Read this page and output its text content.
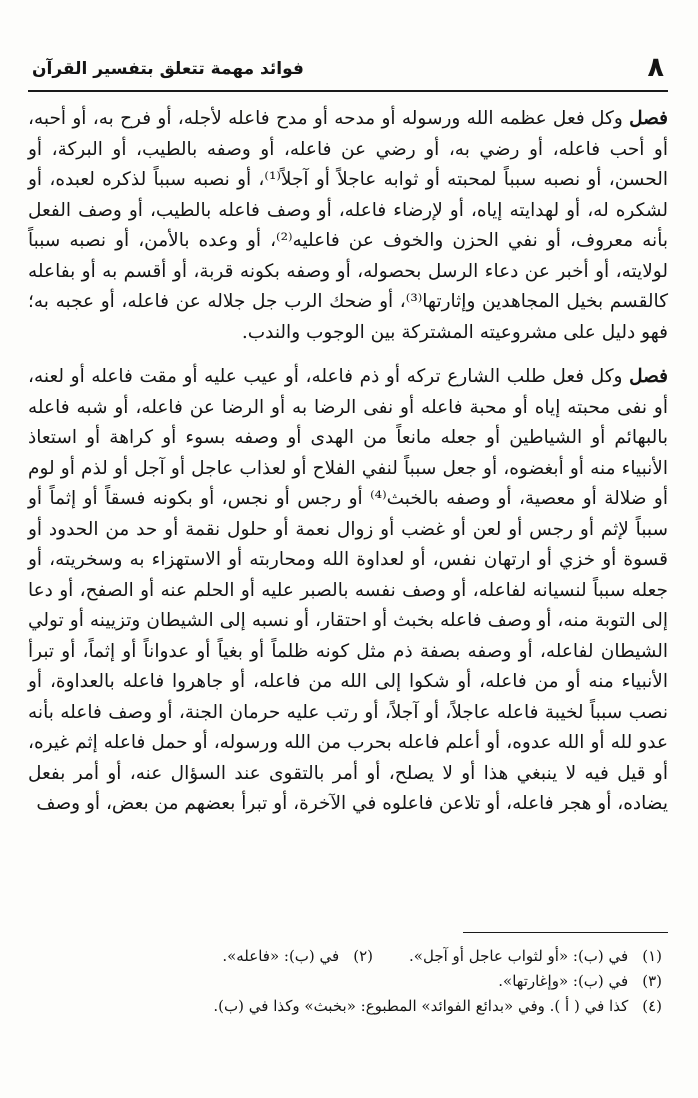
٨
فوائد مهمة تتعلق بتفسير القرآن

فصل وكل فعل عظمه الله ورسوله أو مدحه أو مدح فاعله لأجله، أو فرح به، أو أحبه، أو أحب فاعله، أو رضي به، أو رضي عن فاعله، أو وصفه بالطيب، أو البركة، أو الحسن، أو نصبه سبباً لمحبته أو ثوابه عاجلاً أو آجلاً⁽¹⁾، أو نصبه سبباً لذكره لعبده، أو لشكره له، أو لهدايته إياه، أو لإرضاء فاعله، أو وصف فاعله بالطيب، أو وصف الفعل بأنه معروف، أو نفي الحزن والخوف عن فاعليه⁽²⁾، أو وعده بالأمن، أو نصبه سبباً لولايته، أو أخبر عن دعاء الرسل بحصوله، أو وصفه بكونه قربة، أو أقسم به أو بفاعله كالقسم بخيل المجاهدين وإثارتها⁽³⁾، أو ضحك الرب جل جلاله عن فاعله، أو عجبه به؛ فهو دليل على مشروعيته المشتركة بين الوجوب والندب.

فصل وكل فعل طلب الشارع تركه أو ذم فاعله، أو عيب عليه أو مقت فاعله أو لعنه، أو نفى محبته إياه أو محبة فاعله أو نفى الرضا به أو الرضا عن فاعله، أو شبه فاعله بالبهائم أو الشياطين أو جعله مانعاً من الهدى أو وصفه بسوء أو كراهة أو استعاذ الأنبياء منه أو أبغضوه، أو جعل سبباً لنفي الفلاح أو لعذاب عاجل أو آجل أو لذم أو لوم أو ضلالة أو معصية، أو وصفه بالخبث⁽⁴⁾ أو رجس أو نجس، أو بكونه فسقاً أو إثماً أو سبباً لإثم أو رجس أو لعن أو غضب أو زوال نعمة أو حلول نقمة أو حد من الحدود أو قسوة أو خزي أو ارتهان نفس، أو لعداوة الله ومحاربته أو الاستهزاء به وسخريته، أو جعله سبباً لنسيانه لفاعله، أو وصف نفسه بالصبر عليه أو الحلم عنه أو الصفح، أو دعا إلى التوبة منه، أو وصف فاعله بخبث أو احتقار، أو نسبه إلى الشيطان وتزيينه أو تولي الشيطان لفاعله، أو وصفه بصفة ذم مثل كونه ظلماً أو بغياً أو عدواناً أو إثماً، أو تبرأ الأنبياء منه أو من فاعله، أو شكوا إلى الله من فاعله، أو جاهروا فاعله بالعداوة، أو نصب سبباً لخيبة فاعله عاجلاً، أو آجلاً، أو رتب عليه حرمان الجنة، أو وصف فاعله بأنه عدو لله أو الله عدوه، أو أعلم فاعله بحرب من الله ورسوله، أو حمل فاعله إثم غيره، أو قيل فيه لا ينبغي هذا أو لا يصلح، أو أمر بالتقوى عند السؤال عنه، أو أمر بفعل يضاده، أو هجر فاعله، أو تلاعن فاعلوه في الآخرة، أو تبرأ بعضهم من بعض، أو وصف

(١)في (ب): «أو لثواب عاجل أو آجل».(٢)في (ب): «فاعله».
(٣)في (ب): «وإغارتها».
(٤)كذا في ( أ ). وفي «بدائع الفوائد» المطبوع: «بخبث» وكذا في (ب).
